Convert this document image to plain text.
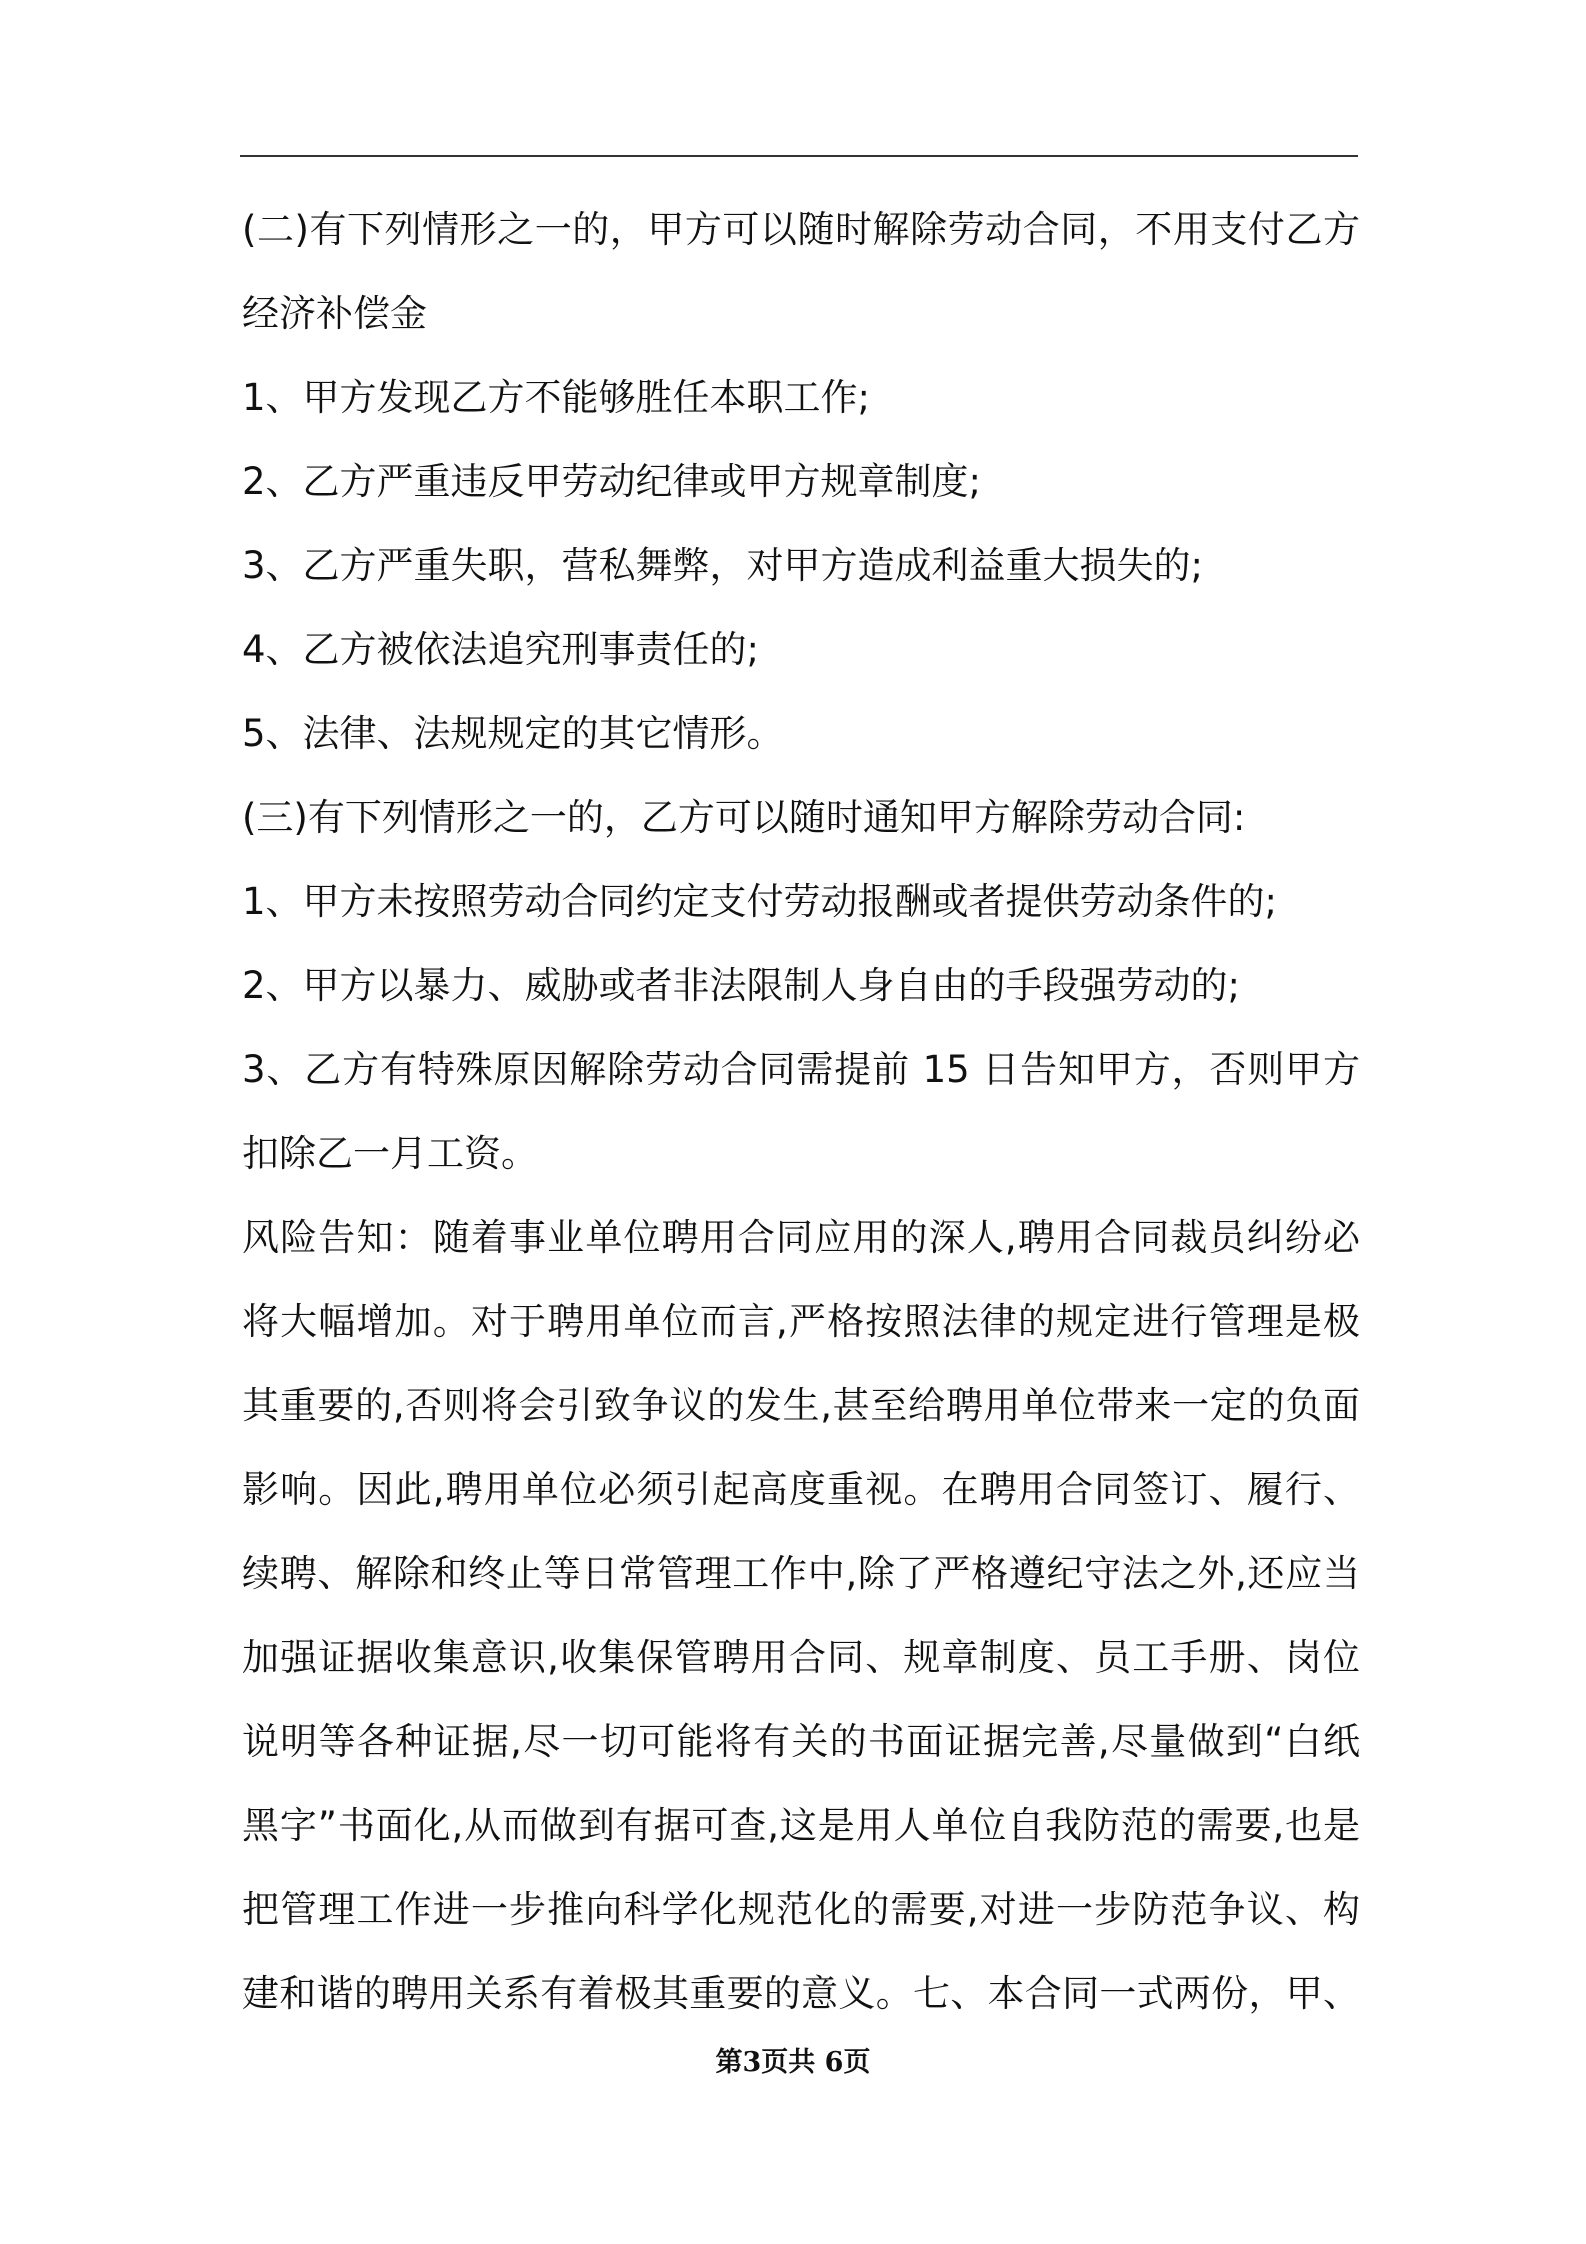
(二)有下列情形之一的，甲方可以随时解除劳动合同，不用支付乙方
经济补偿金
1、甲方发现乙方不能够胜任本职工作;
2、乙方严重违反甲劳动纪律或甲方规章制度;
3、乙方严重失职，营私舞弊，对甲方造成利益重大损失的;
4、乙方被依法追究刑事责任的;
5、法律、法规规定的其它情形。
(三)有下列情形之一的，乙方可以随时通知甲方解除劳动合同:
1、甲方未按照劳动合同约定支付劳动报酬或者提供劳动条件的;
2、甲方以暴力、威胁或者非法限制人身自由的手段强劳动的;
3、乙方有特殊原因解除劳动合同需提前 15 日告知甲方，否则甲方
扣除乙一月工资。
风险告知：随着事业单位聘用合同应用的深人,聘用合同裁员纠纷必
将大幅增加。对于聘用单位而言,严格按照法律的规定进行管理是极
其重要的,否则将会引致争议的发生,甚至给聘用单位带来一定的负面
影响。因此,聘用单位必须引起高度重视。在聘用合同签订、履行、
续聘、解除和终止等日常管理工作中,除了严格遵纪守法之外,还应当
加强证据收集意识,收集保管聘用合同、规章制度、员工手册、岗位
说明等各种证据,尽一切可能将有关的书面证据完善,尽量做到“白纸
黑字”书面化,从而做到有据可查,这是用人单位自我防范的需要,也是
把管理工作进一步推向科学化规范化的需要,对进一步防范争议、构
建和谐的聘用关系有着极其重要的意义。七、本合同一式两份，甲、
第3页共 6页
